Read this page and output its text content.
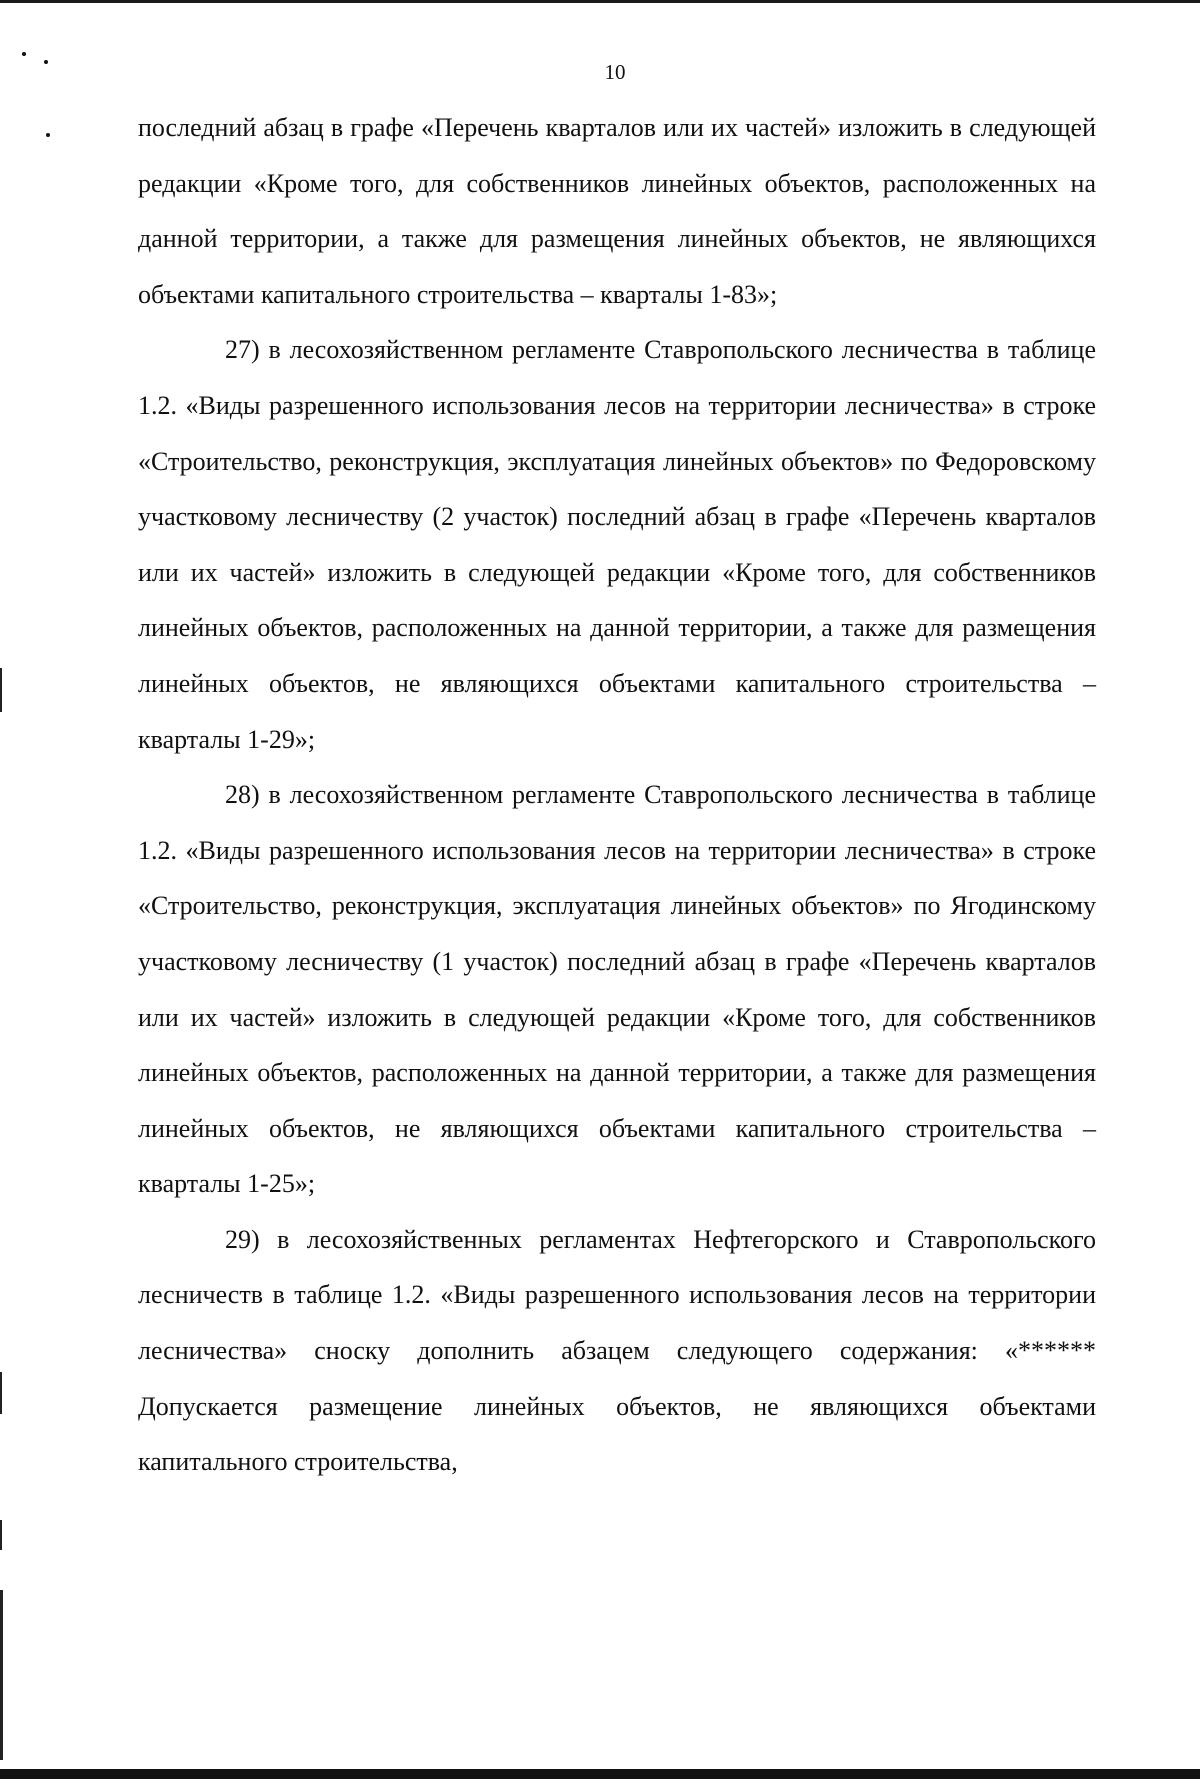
10

последний абзац в графе «Перечень кварталов или их частей» изложить в следующей редакции «Кроме того, для собственников линейных объектов, расположенных на данной территории, а также для размещения линейных объектов, не являющихся объектами капитального строительства – кварталы 1-83»;

27) в лесохозяйственном регламенте Ставропольского лесничества в таблице 1.2. «Виды разрешенного использования лесов на территории лесничества» в строке «Строительство, реконструкция, эксплуатация линейных объектов» по Федоровскому участковому лесничеству (2 участок) последний абзац в графе «Перечень кварталов или их частей» изложить в следующей редакции «Кроме того, для собственников линейных объектов, расположенных на данной территории, а также для размещения линейных объектов, не являющихся объектами капитального строительства – кварталы 1-29»;

28) в лесохозяйственном регламенте Ставропольского лесничества в таблице 1.2. «Виды разрешенного использования лесов на территории лесничества» в строке «Строительство, реконструкция, эксплуатация линейных объектов» по Ягодинскому участковому лесничеству (1 участок) последний абзац в графе «Перечень кварталов или их частей» изложить в следующей редакции «Кроме того, для собственников линейных объектов, расположенных на данной территории, а также для размещения линейных объектов, не являющихся объектами капитального строительства – кварталы 1-25»;

29) в лесохозяйственных регламентах Нефтегорского и Ставропольского лесничеств в таблице 1.2. «Виды разрешенного использования лесов на территории лесничества» сноску дополнить абзацем следующего содержания: «****** Допускается размещение линейных объектов, не являющихся объектами капитального строительства,
